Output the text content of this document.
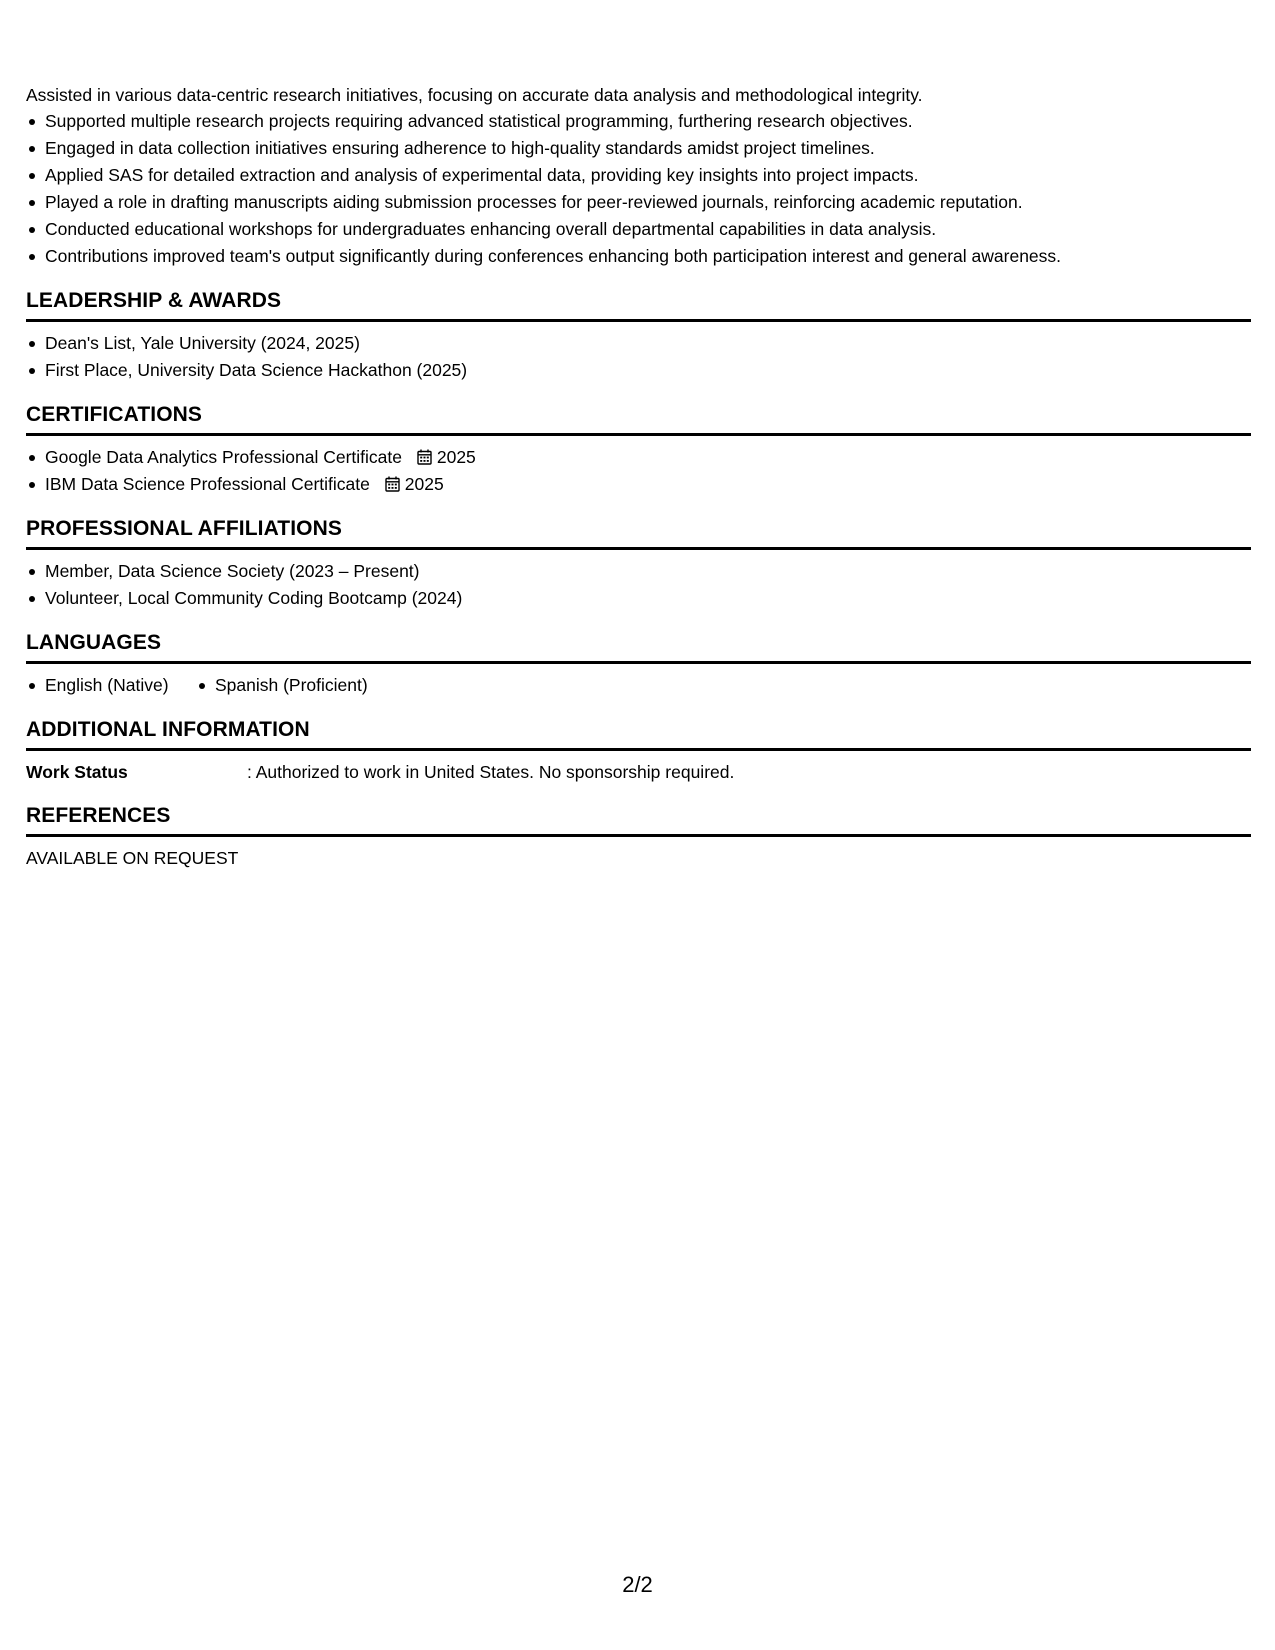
Assisted in various data-centric research initiatives, focusing on accurate data analysis and methodological integrity.

Supported multiple research projects requiring advanced statistical programming, furthering research objectives.
Engaged in data collection initiatives ensuring adherence to high-quality standards amidst project timelines.
Applied SAS for detailed extraction and analysis of experimental data, providing key insights into project impacts.
Played a role in drafting manuscripts aiding submission processes for peer-reviewed journals, reinforcing academic reputation.
Conducted educational workshops for undergraduates enhancing overall departmental capabilities in data analysis.
Contributions improved team's output significantly during conferences enhancing both participation interest and general awareness.
LEADERSHIP & AWARDS
Dean's List, Yale University (2024, 2025)
First Place, University Data Science Hackathon (2025)
CERTIFICATIONS
Google Data Analytics Professional Certificate 2025
IBM Data Science Professional Certificate 2025
PROFESSIONAL AFFILIATIONS
Member, Data Science Society (2023 – Present)
Volunteer, Local Community Coding Bootcamp (2024)
LANGUAGES
English (Native)	Spanish (Proficient)
ADDITIONAL INFORMATION
Work Status	: Authorized to work in United States. No sponsorship required.
REFERENCES
AVAILABLE ON REQUEST
2/2
